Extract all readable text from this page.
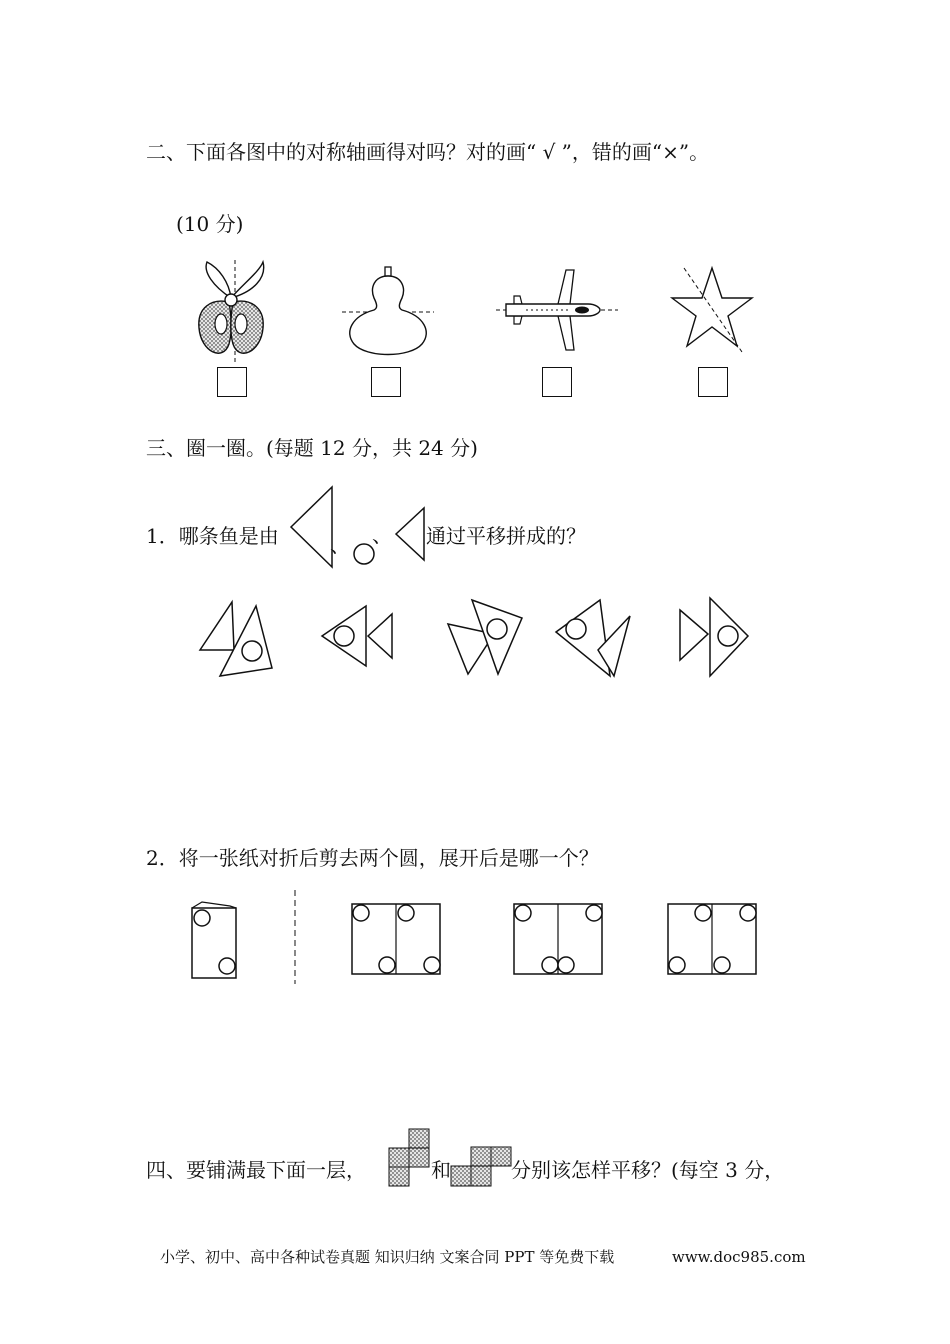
二、下面各图中的对称轴画得对吗？对的画“ √ ”，错的画“×”。
(10 分)
三、圈一圈。(每题 12 分，共 24 分)
1．哪条鱼是由	、 、 通过平移拼成的？
2．将一张纸对折后剪去两个圆，展开后是哪一个？
四、要铺满最下面一层，	和	分别该怎样平移？(每空 3 分，
小学、初中、高中各种试卷真题 知识归纳 文案合同 PPT 等免费下载	www.doc985.com
